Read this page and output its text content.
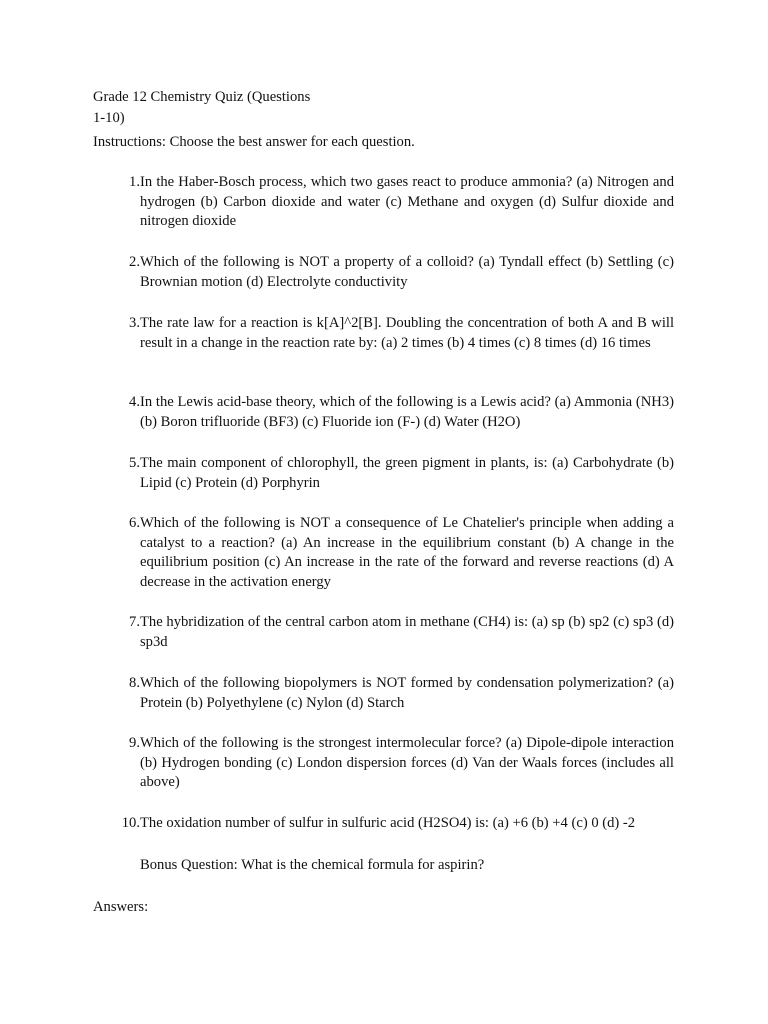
Grade 12 Chemistry Quiz (Questions
1-10)
Instructions: Choose the best answer for each question.
1. In the Haber-Bosch process, which two gases react to produce ammonia? (a) Nitrogen and hydrogen (b) Carbon dioxide and water (c) Methane and oxygen (d) Sulfur dioxide and nitrogen dioxide
2. Which of the following is NOT a property of a colloid? (a) Tyndall effect (b) Settling (c) Brownian motion (d) Electrolyte conductivity
3. The rate law for a reaction is k[A]^2[B]. Doubling the concentration of both A and B will result in a change in the reaction rate by: (a) 2 times (b) 4 times (c) 8 times (d) 16 times
4. In the Lewis acid-base theory, which of the following is a Lewis acid? (a) Ammonia (NH3) (b) Boron trifluoride (BF3) (c) Fluoride ion (F-) (d) Water (H2O)
5. The main component of chlorophyll, the green pigment in plants, is: (a) Carbohydrate (b) Lipid (c) Protein (d) Porphyrin
6. Which of the following is NOT a consequence of Le Chatelier's principle when adding a catalyst to a reaction? (a) An increase in the equilibrium constant (b) A change in the equilibrium position (c) An increase in the rate of the forward and reverse reactions (d) A decrease in the activation energy
7. The hybridization of the central carbon atom in methane (CH4) is: (a) sp (b) sp2 (c) sp3 (d) sp3d
8. Which of the following biopolymers is NOT formed by condensation polymerization? (a) Protein (b) Polyethylene (c) Nylon (d) Starch
9. Which of the following is the strongest intermolecular force? (a) Dipole-dipole interaction (b) Hydrogen bonding (c) London dispersion forces (d) Van der Waals forces (includes all above)
10. The oxidation number of sulfur in sulfuric acid (H2SO4) is: (a) +6 (b) +4 (c) 0 (d) -2
Bonus Question: What is the chemical formula for aspirin?
Answers:
